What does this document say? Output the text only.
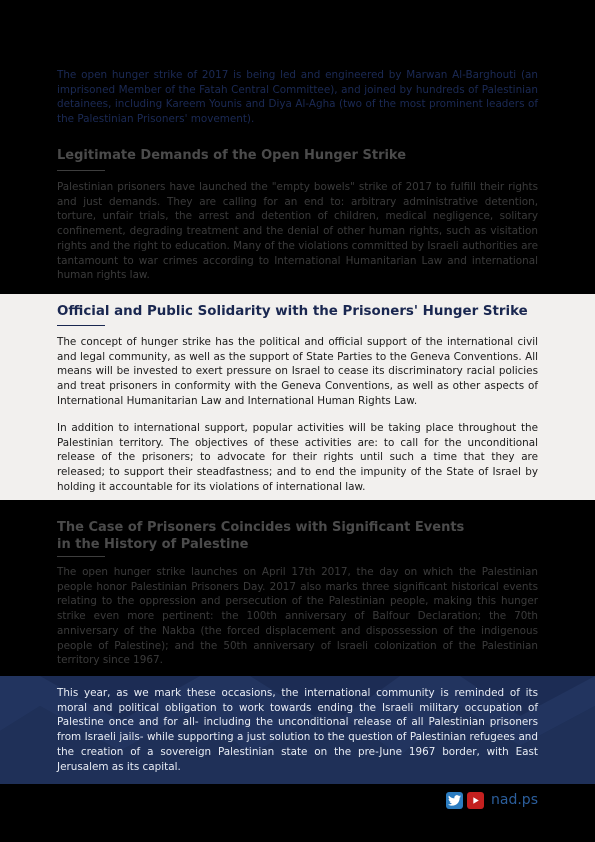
The open hunger strike of 2017 is being led and engineered by Marwan Al-Barghouti (an imprisoned Member of the Fatah Central Committee), and joined by hundreds of Palestinian detainees, including Kareem Younis and Diya Al-Agha (two of the most prominent leaders of the Palestinian Prisoners' movement).

Legitimate Demands of the Open Hunger Strike

Palestinian prisoners have launched the "empty bowels" strike of 2017 to fulfill their rights and just demands. They are calling for an end to: arbitrary administrative detention, torture, unfair trials, the arrest and detention of children, medical negligence, solitary confinement, degrading treatment and the denial of other human rights, such as visitation rights and the right to education. Many of the violations committed by Israeli authorities are tantamount to war crimes according to International Humanitarian Law and international human rights law.

Official and Public Solidarity with the Prisoners' Hunger Strike

The concept of hunger strike has the political and official support of the international civil and legal community, as well as the support of State Parties to the Geneva Conventions. All means will be invested to exert pressure on Israel to cease its discriminatory racial policies and treat prisoners in conformity with the Geneva Conventions, as well as other aspects of International Humanitarian Law and International Human Rights Law.

In addition to international support, popular activities will be taking place throughout the Palestinian territory. The objectives of these activities are: to call for the unconditional release of the prisoners; to advocate for their rights until such a time that they are released; to support their steadfastness; and to end the impunity of the State of Israel by holding it accountable for its violations of international law.

The Case of Prisoners Coincides with Significant Events
in the History of Palestine

The open hunger strike launches on April 17th 2017, the day on which the Palestinian people honor Palestinian Prisoners Day. 2017 also marks three significant historical events relating to the oppression and persecution of the Palestinian people, making this hunger strike even more pertinent: the 100th anniversary of Balfour Declaration; the 70th anniversary of the Nakba (the forced displacement and dispossession of the indigenous people of Palestine); and the 50th anniversary of Israeli colonization of the Palestinian territory since 1967.

This year, as we mark these occasions, the international community is reminded of its moral and political obligation to work towards ending the Israeli military occupation of Palestine once and for all- including the unconditional release of all Palestinian prisoners from Israeli jails- while supporting a just solution to the question of Palestinian refugees and the creation of a sovereign Palestinian state on the pre-June 1967 border, with East Jerusalem as its capital.

nad.ps
